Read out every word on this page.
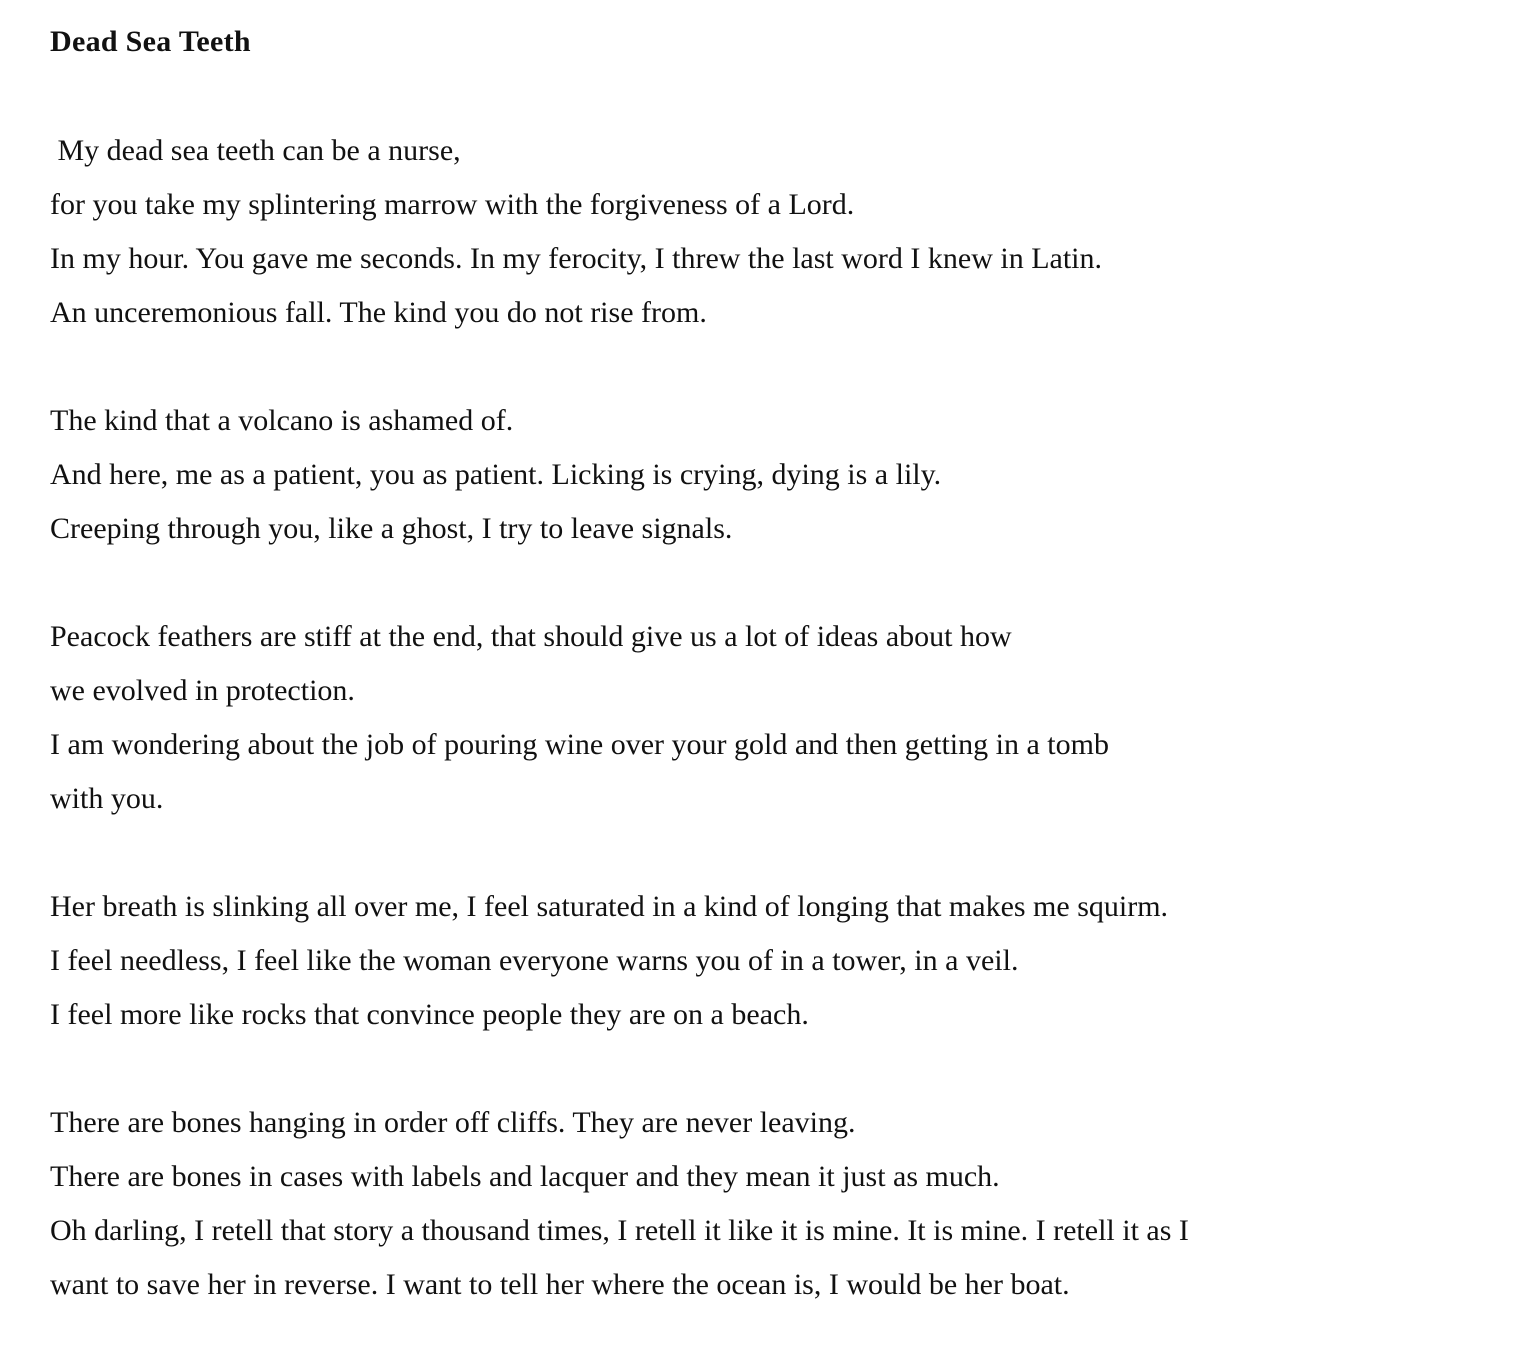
Dead Sea Teeth
My dead sea teeth can be a nurse,
for you take my splintering marrow with the forgiveness of a Lord.
In my hour. You gave me seconds. In my ferocity, I threw the last word I knew in Latin.
An unceremonious fall. The kind you do not rise from.
The kind that a volcano is ashamed of.
And here, me as a patient, you as patient. Licking is crying, dying is a lily.
Creeping through you, like a ghost, I try to leave signals.
Peacock feathers are stiff at the end, that should give us a lot of ideas about how
we evolved in protection.
I am wondering about the job of pouring wine over your gold and then getting in a tomb
with you.
Her breath is slinking all over me, I feel saturated in a kind of longing that makes me squirm.
I feel needless, I feel like the woman everyone warns you of in a tower, in a veil.
I feel more like rocks that convince people they are on a beach.
There are bones hanging in order off cliffs. They are never leaving.
There are bones in cases with labels and lacquer and they mean it just as much.
Oh darling, I retell that story a thousand times, I retell it like it is mine. It is mine. I retell it as I
want to save her in reverse. I want to tell her where the ocean is, I would be her boat.
